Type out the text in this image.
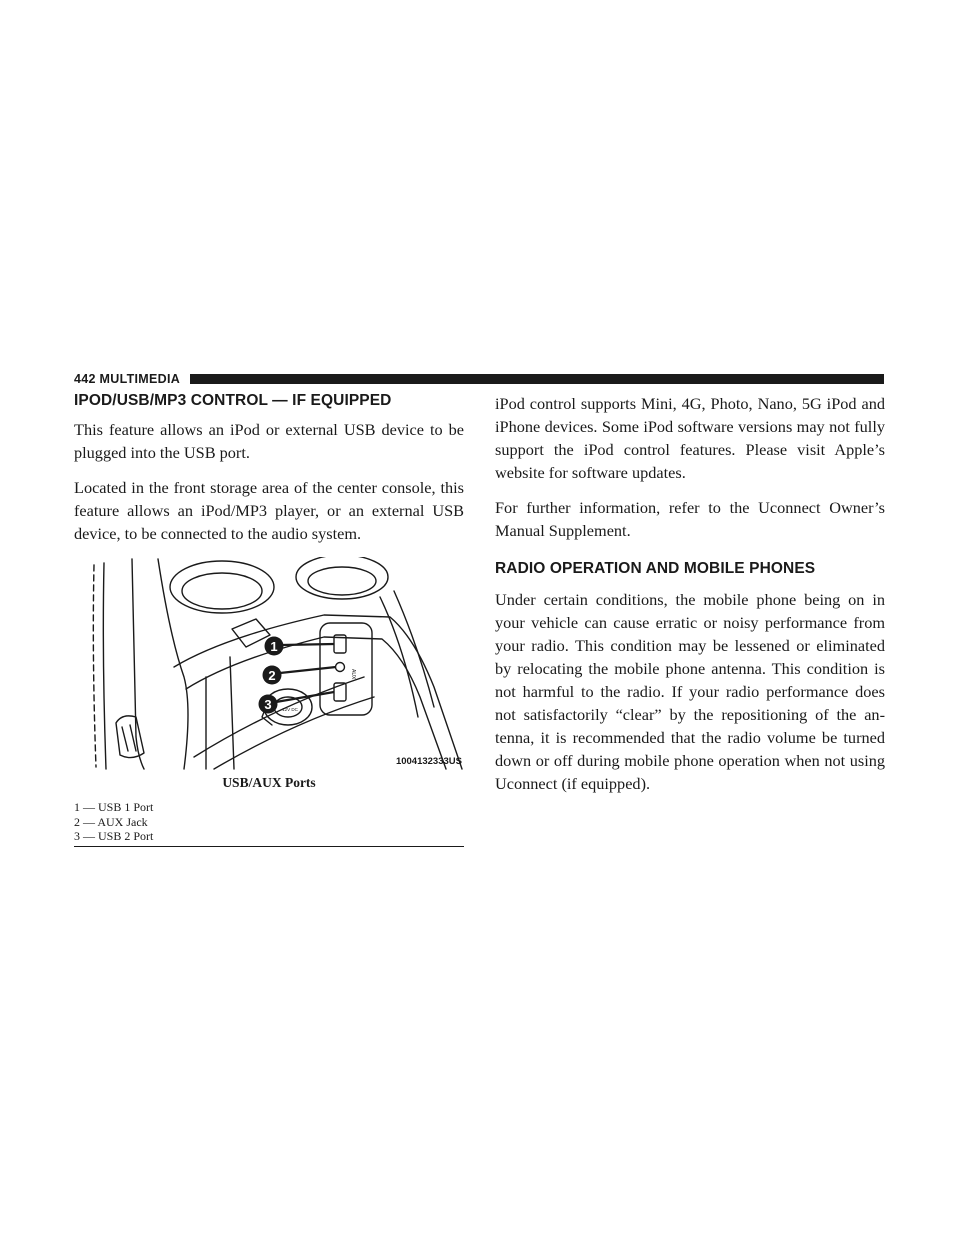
442 MULTIMEDIA
IPOD/USB/MP3 CONTROL — IF EQUIPPED

This feature allows an iPod or external USB device to be plugged into the USB port.

Located in the front storage area of the center console, this feature allows an iPod/MP3 player, or an external USB device, to be connected to the audio system.

AUX
12V DC
1
2
3
1004132333US
USB/AUX Ports
1 — USB 1 Port
2 — AUX Jack
3 — USB 2 Port

iPod control supports Mini, 4G, Photo, Nano, 5G iPod and iPhone devices. Some iPod software versions may not fully support the iPod control features. Please visit Apple’s website for software updates.

For further information, refer to the Uconnect Owner’s Manual Supplement.

RADIO OPERATION AND MOBILE PHONES

Under certain conditions, the mobile phone being on in your vehicle can cause erratic or noisy performance from your radio. This condition may be lessened or eliminated by relocating the mobile phone antenna. This condition is not harmful to the radio. If your radio performance does not satisfactorily “clear” by the repositioning of the an-tenna, it is recommended that the radio volume be turned down or off during mobile phone operation when not using Uconnect (if equipped).
